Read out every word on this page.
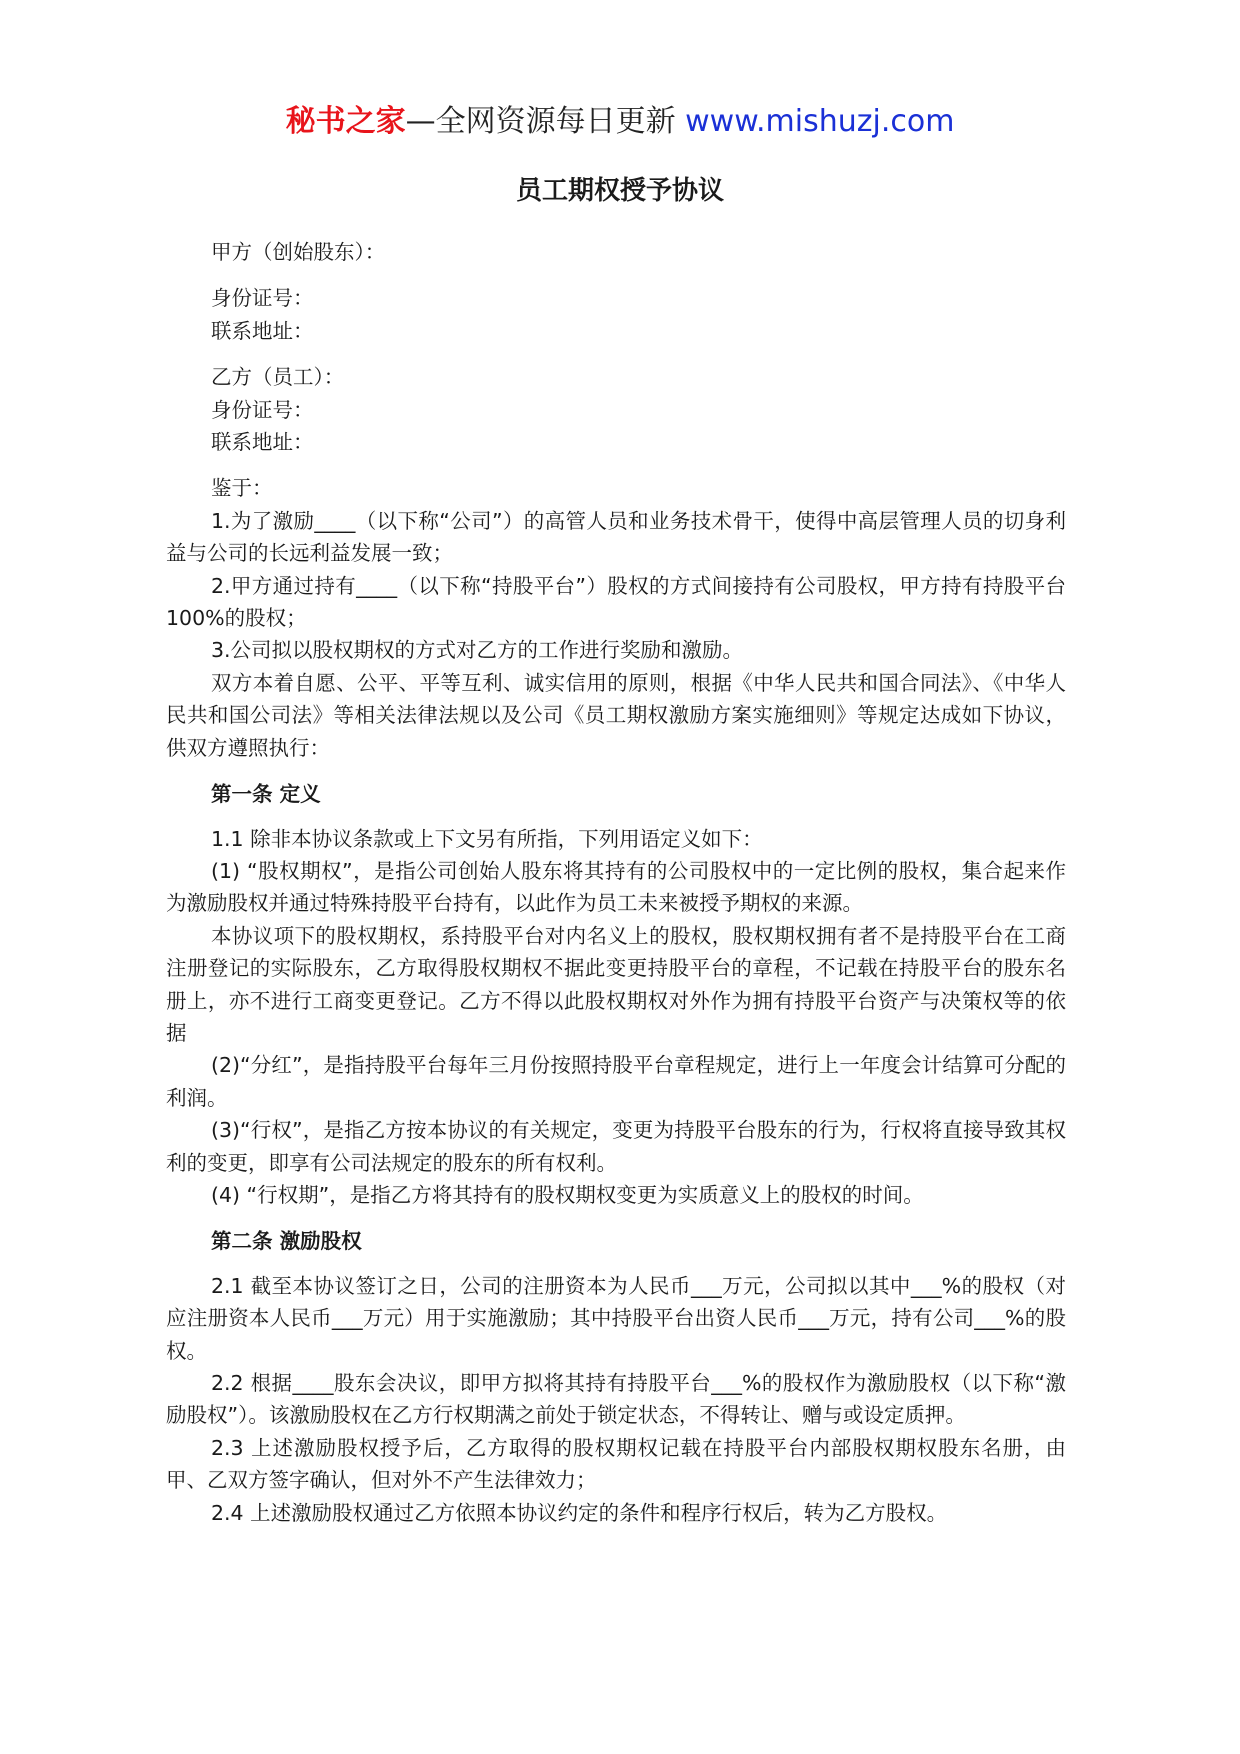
秘书之家—全网资源每日更新 www.mishuzj.com
员工期权授予协议

甲方（创始股东）：

身份证号：

联系地址：

乙方（员工）：

身份证号：

联系地址：

鉴于：

1.为了激励____（以下称“公司”）的高管人员和业务技术骨干，使得中高层管理人员的切身利益与公司的长远利益发展一致；

2.甲方通过持有____（以下称“持股平台”）股权的方式间接持有公司股权，甲方持有持股平台 100%的股权；

3.公司拟以股权期权的方式对乙方的工作进行奖励和激励。

双方本着自愿、公平、平等互利、诚实信用的原则，根据《中华人民共和国合同法》、《中华人民共和国公司法》等相关法律法规以及公司《员工期权激励方案实施细则》等规定达成如下协议，供双方遵照执行：

第一条 定义

1.1 除非本协议条款或上下文另有所指，下列用语定义如下：

(1) “股权期权”，是指公司创始人股东将其持有的公司股权中的一定比例的股权，集合起来作为激励股权并通过特殊持股平台持有，以此作为员工未来被授予期权的来源。

本协议项下的股权期权，系持股平台对内名义上的股权，股权期权拥有者不是持股平台在工商注册登记的实际股东，乙方取得股权期权不据此变更持股平台的章程，不记载在持股平台的股东名册上，亦不进行工商变更登记。乙方不得以此股权期权对外作为拥有持股平台资产与决策权等的依据

(2)“分红”，是指持股平台每年三月份按照持股平台章程规定，进行上一年度会计结算可分配的利润。

(3)“行权”，是指乙方按本协议的有关规定，变更为持股平台股东的行为，行权将直接导致其权利的变更，即享有公司法规定的股东的所有权利。

(4) “行权期”，是指乙方将其持有的股权期权变更为实质意义上的股权的时间。

第二条 激励股权

2.1 截至本协议签订之日，公司的注册资本为人民币___万元，公司拟以其中___%的股权（对应注册资本人民币___万元）用于实施激励；其中持股平台出资人民币___万元，持有公司___%的股权。

2.2 根据____股东会决议，即甲方拟将其持有持股平台___%的股权作为激励股权（以下称“激励股权”）。该激励股权在乙方行权期满之前处于锁定状态，不得转让、赠与或设定质押。

2.3 上述激励股权授予后，乙方取得的股权期权记载在持股平台内部股权期权股东名册，由甲、乙双方签字确认，但对外不产生法律效力；

2.4 上述激励股权通过乙方依照本协议约定的条件和程序行权后，转为乙方股权。
